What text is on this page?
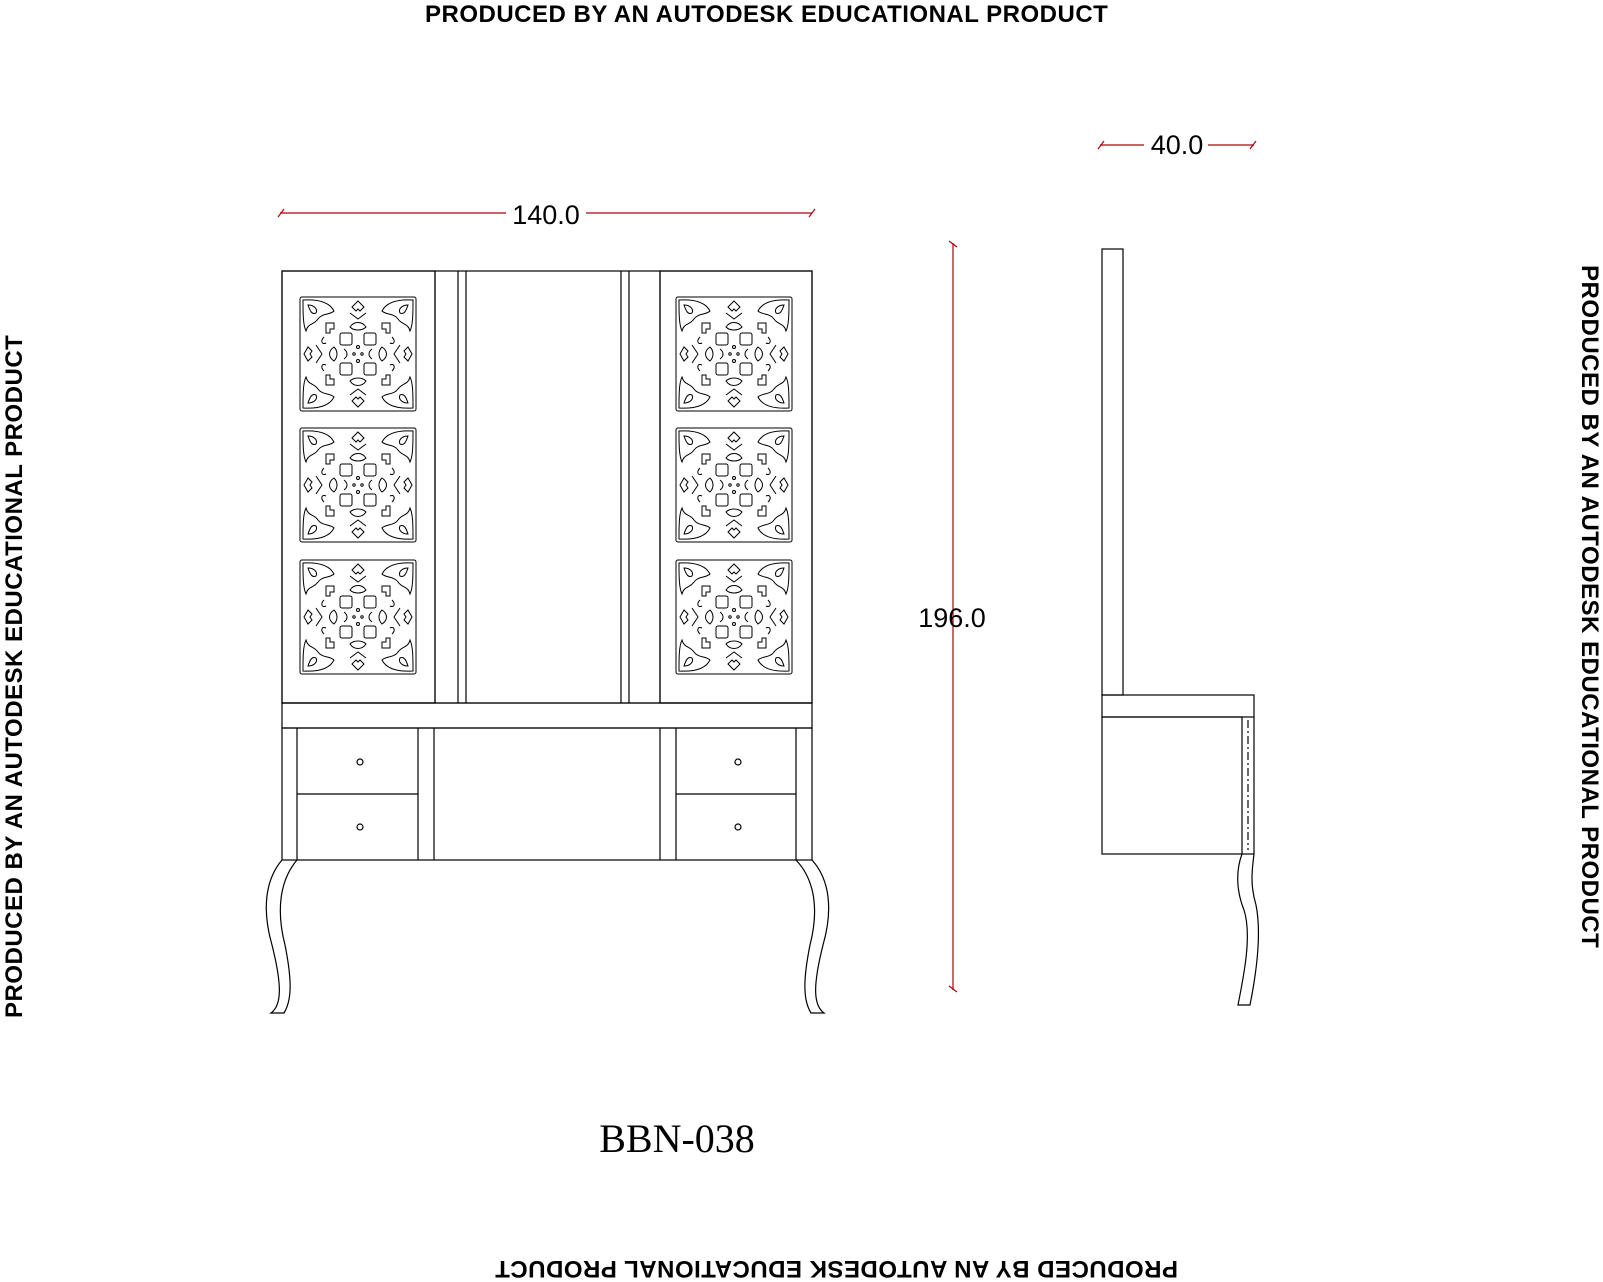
PRODUCED BY AN AUTODESK EDUCATIONAL PRODUCT
PRODUCED BY AN AUTODESK EDUCATIONAL PRODUCT
PRODUCED BY AN AUTODESK EDUCATIONAL PRODUCT	PRODUCED BY AN AUTODESK EDUCATIONAL PRODUCT
140.0
40.0
196.0
BBN-038
